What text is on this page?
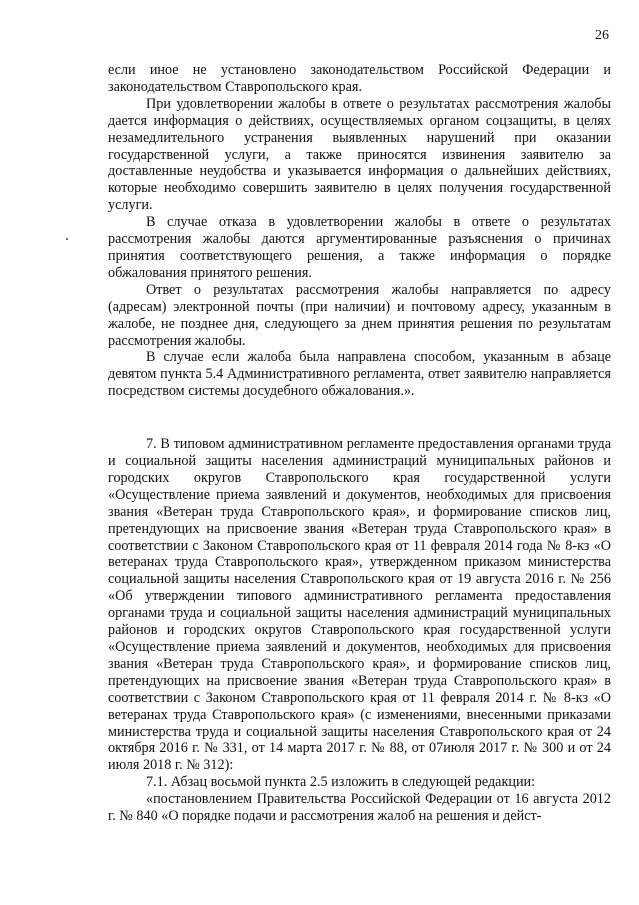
26

если иное не установлено законодательством Российской Федерации и законодательством Ставропольского края.

При удовлетворении жалобы в ответе о результатах рассмотрения жалобы дается информация о действиях, осуществляемых органом соцзащиты, в целях незамедлительного устранения выявленных нарушений при оказании государственной услуги, а также приносятся извинения заявителю за доставленные неудобства и указывается информация о дальнейших действиях, которые необходимо совершить заявителю в целях получения государственной услуги.

В случае отказа в удовлетворении жалобы в ответе о результатах рассмотрения жалобы даются аргументированные разъяснения о причинах принятия соответствующего решения, а также информация о порядке обжалования принятого решения.

Ответ о результатах рассмотрения жалобы направляется по адресу (адресам) электронной почты (при наличии) и почтовому адресу, указанным в жалобе, не позднее дня, следующего за днем принятия решения по результатам рассмотрения жалобы.

В случае если жалоба была направлена способом, указанным в абзаце девятом пункта 5.4 Административного регламента, ответ заявителю направляется посредством системы досудебного обжалования.».

7. В типовом административном регламенте предоставления органами труда и социальной защиты населения администраций муниципальных районов и городских округов Ставропольского края государственной услуги «Осуществление приема заявлений и документов, необходимых для присвоения звания «Ветеран труда Ставропольского края», и формирование списков лиц, претендующих на присвоение звания «Ветеран труда Ставропольского края» в соответствии с Законом Ставропольского края от 11 февраля 2014 года № 8-кз «О ветеранах труда Ставропольского края», утвержденном приказом министерства социальной защиты населения Ставропольского края от 19 августа 2016 г. № 256 «Об утверждении типового административного регламента предоставления органами труда и социальной защиты населения администраций муниципальных районов и городских округов Ставропольского края государственной услуги «Осуществление приема заявлений и документов, необходимых для присвоения звания «Ветеран труда Ставропольского края», и формирование списков лиц, претендующих на присвоение звания «Ветеран труда Ставропольского края» в соответствии с Законом Ставропольского края от 11 февраля 2014 г. № 8-кз «О ветеранах труда Ставропольского края» (с изменениями, внесенными приказами министерства труда и социальной защиты населения Ставропольского края от 24 октября 2016 г. № 331, от 14 марта 2017 г. № 88, от 07июля 2017 г. № 300 и от 24 июля 2018 г. № 312):

7.1. Абзац восьмой пункта 2.5 изложить в следующей редакции:

«постановлением Правительства Российской Федерации от 16 августа 2012 г. № 840 «О порядке подачи и рассмотрения жалоб на решения и дейст-
